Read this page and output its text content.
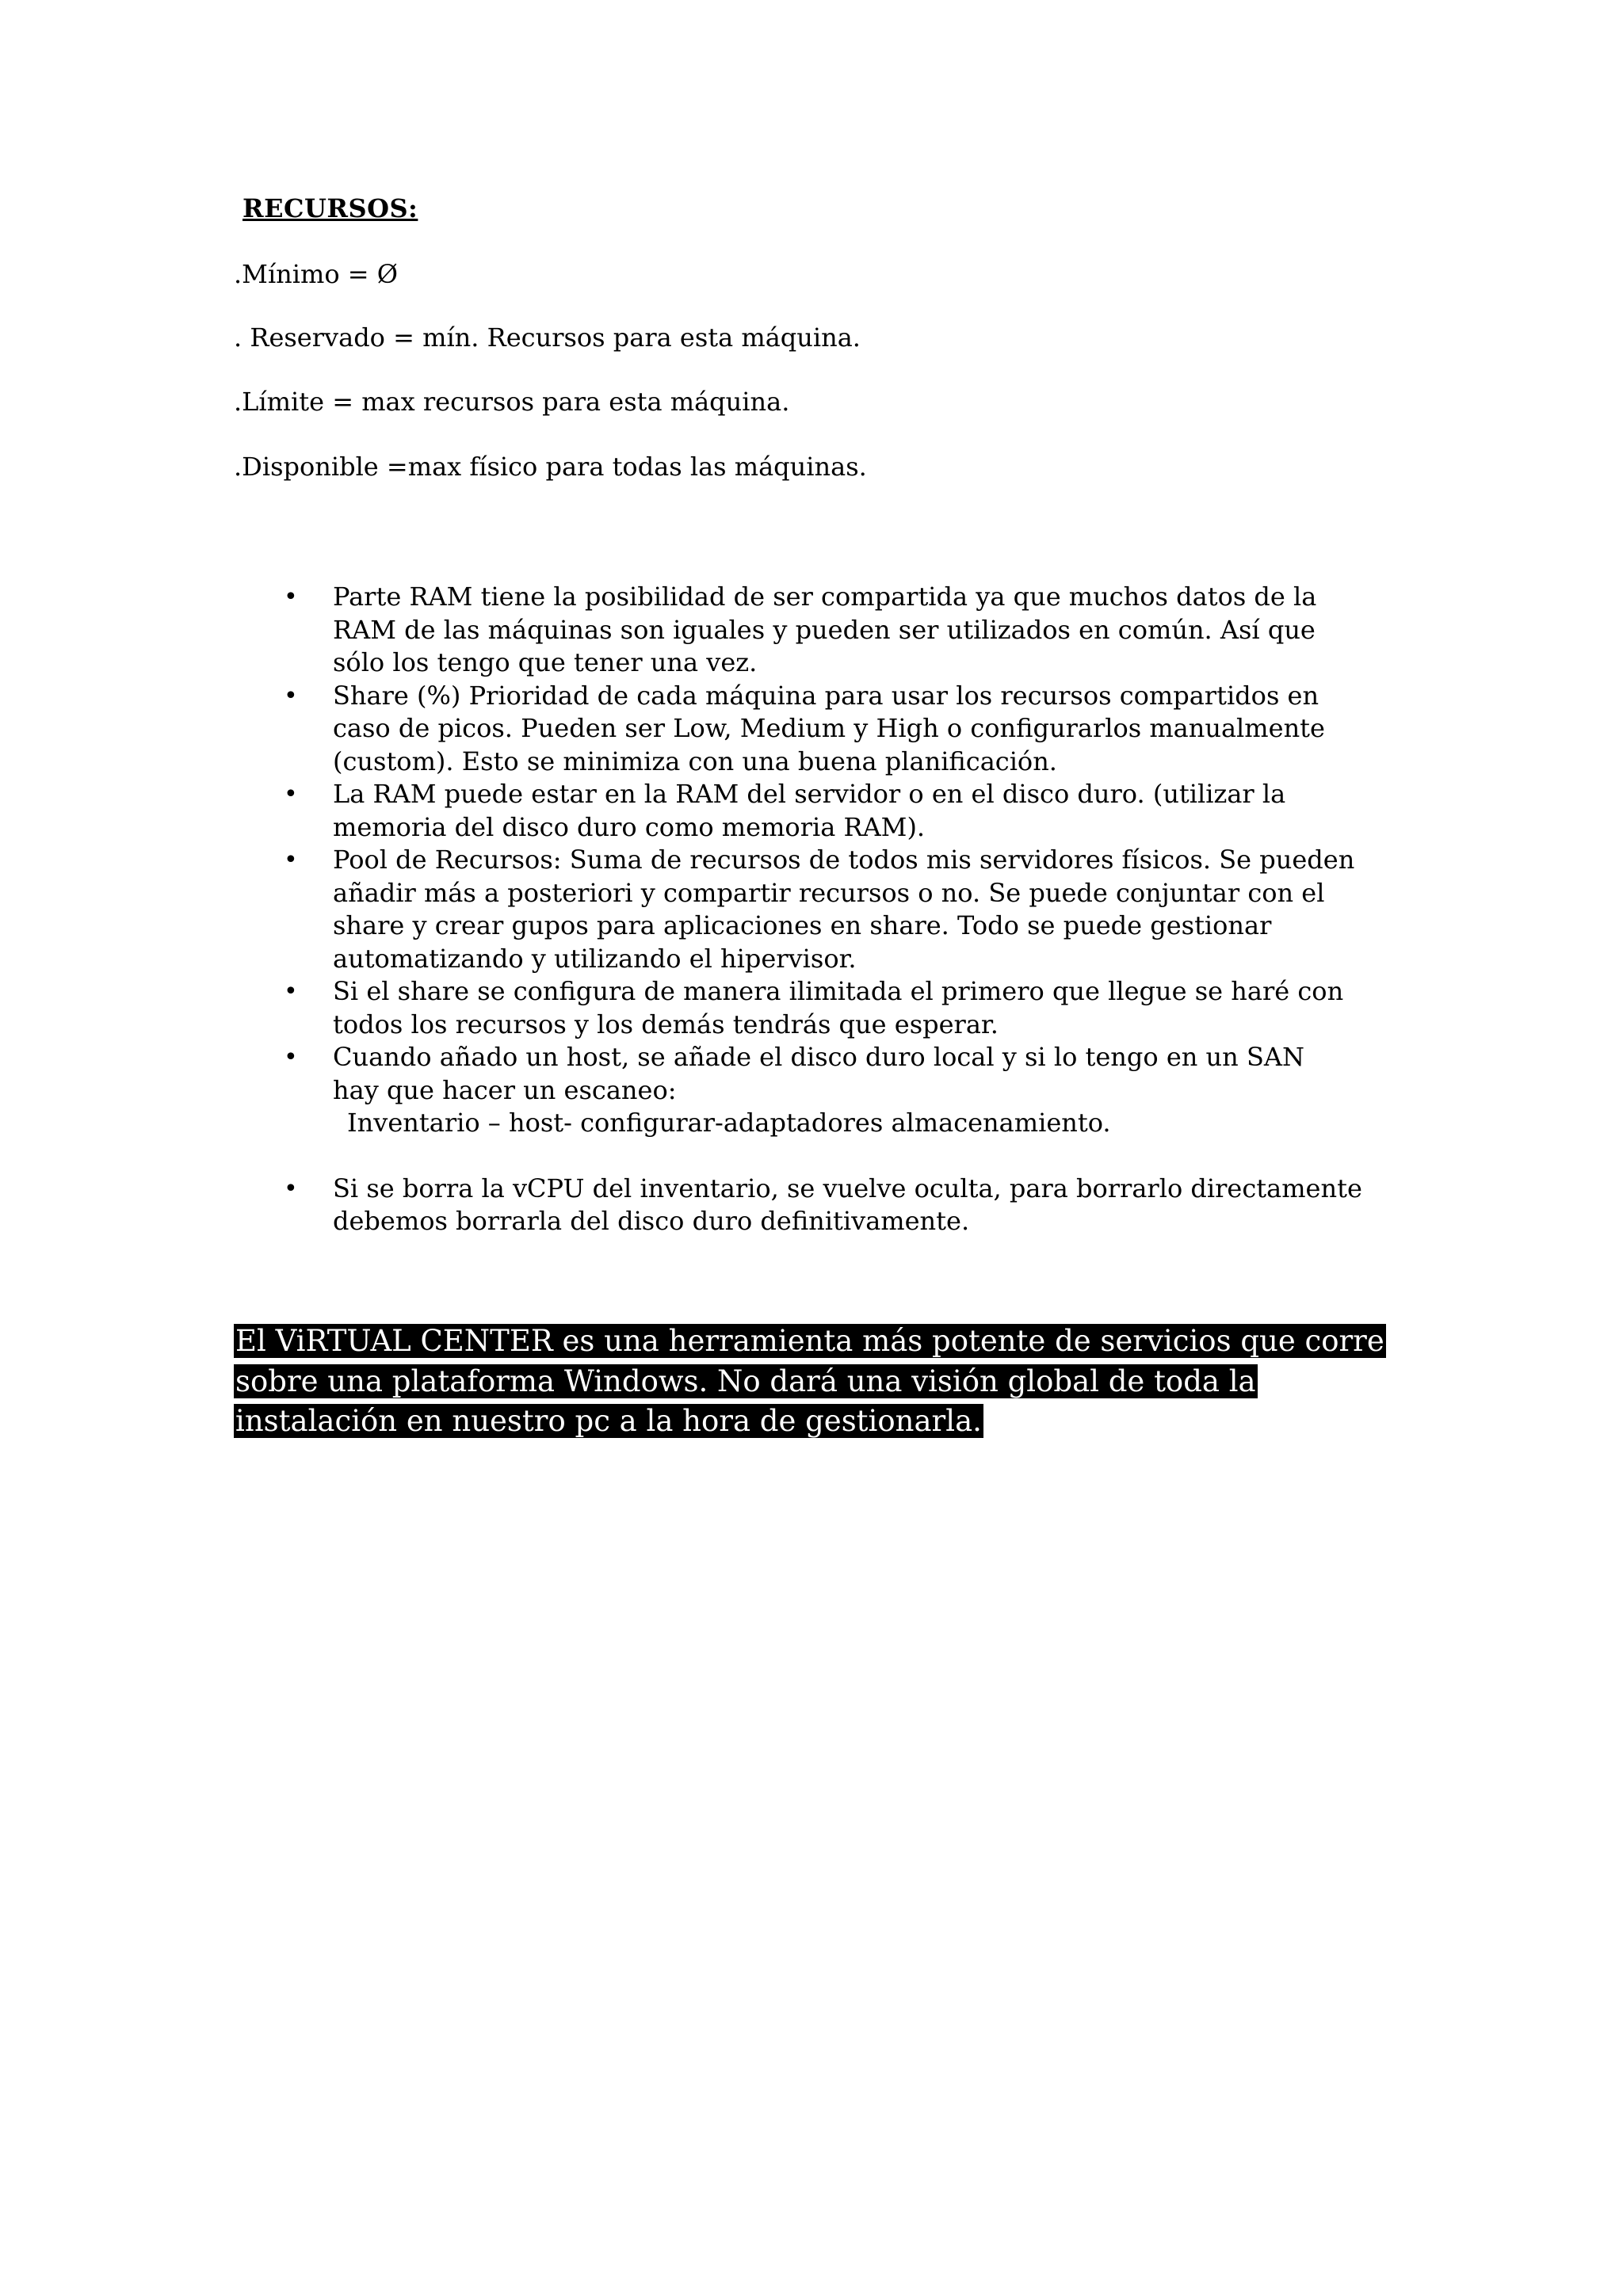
RECURSOS:

.Mínimo = Ø

. Reservado = mín. Recursos para esta máquina.

.Límite = max recursos para esta máquina.

.Disponible =max físico para todas las máquinas.

• Parte RAM tiene la posibilidad de ser compartida ya que muchos datos de la
RAM de las máquinas son iguales y pueden ser utilizados en común. Así que
sólo los tengo que tener una vez.
• Share (%) Prioridad de cada máquina para usar los recursos compartidos en
caso de picos. Pueden ser Low, Medium y High o configurarlos manualmente
(custom). Esto se minimiza con una buena planificación.
• La RAM puede estar en la RAM del servidor o en el disco duro. (utilizar la
memoria del disco duro como memoria RAM).
• Pool de Recursos: Suma de recursos de todos mis servidores físicos. Se pueden
añadir más a posteriori y compartir recursos o no. Se puede conjuntar con el
share y crear gupos para aplicaciones en share. Todo se puede gestionar
automatizando y utilizando el hipervisor.
• Si el share se configura de manera ilimitada el primero que llegue se haré con
todos los recursos y los demás tendrás que esperar.
• Cuando añado un host, se añade el disco duro local y si lo tengo en un SAN
hay que hacer un escaneo:

Inventario – host- configurar-adaptadores almacenamiento.
• Si se borra la vCPU del inventario, se vuelve oculta, para borrarlo directamente
debemos borrarla del disco duro definitivamente.

El ViRTUAL CENTER es una herramienta más potente de servicios que corre
sobre una plataforma Windows. No dará una visión global de toda la
instalación en nuestro pc a la hora de gestionarla.
